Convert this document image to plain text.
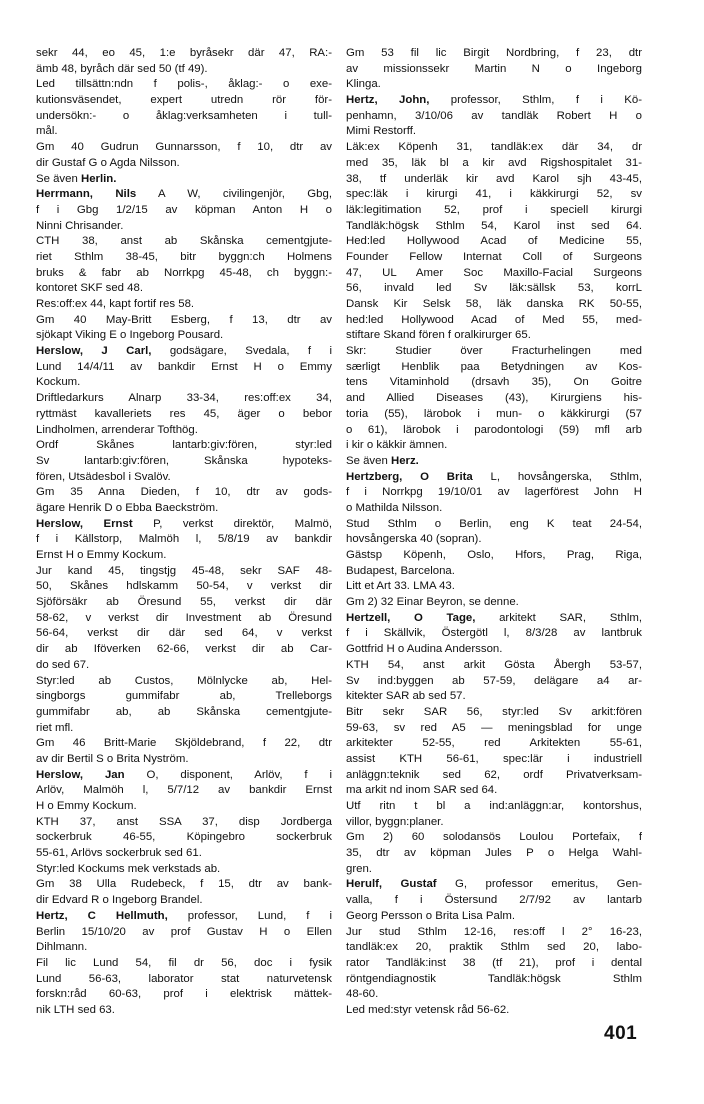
sekr 44, eo 45, 1:e byråsekr där 47, RA:-
ämb 48, byråch där sed 50 (tf 49).
Led tillsättn:ndn f polis-, åklag:- o exe-
kutionsväsendet, expert utredn rör för-
undersökn:- o åklag:verksamheten i tull-
mål.
Gm 40 Gudrun Gunnarsson, f 10, dtr av
dir Gustaf G o Agda Nilsson.
Se även Herlin.
Herrmann, Nils A W, civilingenjör, Gbg,
f i Gbg 1/2/15 av köpman Anton H o
Ninni Chrisander.
CTH 38, anst ab Skånska cementgjute-
riet Sthlm 38-45, bitr byggn:ch Holmens
bruks & fabr ab Norrkpg 45-48, ch byggn:-
kontoret SKF sed 48.
Res:off:ex 44, kapt fortif res 58.
Gm 40 May-Britt Esberg, f 13, dtr av
sjökapt Viking E o Ingeborg Pousard.
Herslow, J Carl, godsägare, Svedala, f i
Lund 14/4/11 av bankdir Ernst H o Emmy
Kockum.
Driftledarkurs Alnarp 33-34, res:off:ex 34,
ryttmäst kavalleriets res 45, äger o bebor
Lindholmen, arrenderar Tofthög.
Ordf Skånes lantarb:giv:fören, styr:led
Sv lantarb:giv:fören, Skånska hypoteks-
fören, Utsädesbol i Svalöv.
Gm 35 Anna Dieden, f 10, dtr av gods-
ägare Henrik D o Ebba Baeckström.
Herslow, Ernst P, verkst direktör, Malmö,
f i Källstorp, Malmöh l, 5/8/19 av bankdir
Ernst H o Emmy Kockum.
Jur kand 45, tingstjg 45-48, sekr SAF 48-
50, Skånes hdlskamm 50-54, v verkst dir
Sjöförsäkr ab Öresund 55, verkst dir där
58-62, v verkst dir Investment ab Öresund
56-64, verkst dir där sed 64, v verkst
dir ab Iföverken 62-66, verkst dir ab Car-
do sed 67.
Styr:led ab Custos, Mölnlycke ab, Hel-
singborgs gummifabr ab, Trelleborgs
gummifabr ab, ab Skånska cementgjute-
riet mfl.
Gm 46 Britt-Marie Skjöldebrand, f 22, dtr
av dir Bertil S o Brita Nyström.
Herslow, Jan O, disponent, Arlöv, f i
Arlöv, Malmöh l, 5/7/12 av bankdir Ernst
H o Emmy Kockum.
KTH 37, anst SSA 37, disp Jordberga
sockerbruk 46-55, Köpingebro sockerbruk
55-61, Arlövs sockerbruk sed 61.
Styr:led Kockums mek verkstads ab.
Gm 38 Ulla Rudebeck, f 15, dtr av bank-
dir Edvard R o Ingeborg Brandel.
Hertz, C Hellmuth, professor, Lund, f i
Berlin 15/10/20 av prof Gustav H o Ellen
Dihlmann.
Fil lic Lund 54, fil dr 56, doc i fysik
Lund 56-63, laborator stat naturvetensk
forskn:råd 60-63, prof i elektrisk mättek-
nik LTH sed 63.
Gm 53 fil lic Birgit Nordbring, f 23, dtr
av missionssekr Martin N o Ingeborg
Klinga.
Hertz, John, professor, Sthlm, f i Kö-
penhamn, 3/10/06 av tandläk Robert H o
Mimi Restorff.
Läk:ex Köpenh 31, tandläk:ex där 34, dr
med 35, läk bl a kir avd Rigshospitalet 31-
38, tf underläk kir avd Karol sjh 43-45,
spec:läk i kirurgi 41, i käkkirurgi 52, sv
läk:legitimation 52, prof i speciell kirurgi
Tandläk:högsk Sthlm 54, Karol inst sed 64.
Hed:led Hollywood Acad of Medicine 55,
Founder Fellow Internat Coll of Surgeons
47, UL Amer Soc Maxillo-Facial Surgeons
56, invald led Sv läk:sällsk 53, korrL
Dansk Kir Selsk 58, läk danska RK 50-55,
hed:led Hollywood Acad of Med 55, med-
stiftare Skand fören f oralkirurger 65.
Skr: Studier över Fracturhelingen med
særligt Henblik paa Betydningen av Kos-
tens Vitaminhold (drsavh 35), On Goitre
and Allied Diseases (43), Kirurgiens his-
toria (55), lärobok i mun- o käkkirurgi (57
o 61), lärobok i parodontologi (59) mfl arb
i kir o käkkir ämnen.
Se även Herz.
Hertzberg, O Brita L, hovsångerska, Sthlm,
f i Norrkpg 19/10/01 av lagerförest John H
o Mathilda Nilsson.
Stud Sthlm o Berlin, eng K teat 24-54,
hovsångerska 40 (sopran).
Gästsp Köpenh, Oslo, Hfors, Prag, Riga,
Budapest, Barcelona.
Litt et Art 33. LMA 43.
Gm 2) 32 Einar Beyron, se denne.
Hertzell, O Tage, arkitekt SAR, Sthlm,
f i Skällvik, Östergötl l, 8/3/28 av lantbruk
Gottfrid H o Audina Andersson.
KTH 54, anst arkit Gösta Åbergh 53-57,
Sv ind:byggen ab 57-59, delägare a4 ar-
kitekter SAR ab sed 57.
Bitr sekr SAR 56, styr:led Sv arkit:fören
59-63, sv red A5 — meningsblad for unge
arkitekter 52-55, red Arkitekten 55-61,
assist KTH 56-61, spec:lär i industriell
anläggn:teknik sed 62, ordf Privatverksam-
ma arkit nd inom SAR sed 64.
Utf ritn t bl a ind:anläggn:ar, kontorshus,
villor, byggn:planer.
Gm 2) 60 solodansös Loulou Portefaix, f
35, dtr av köpman Jules P o Helga Wahl-
gren.
Herulf, Gustaf G, professor emeritus, Gen-
valla, f i Östersund 2/7/92 av lantarb
Georg Persson o Brita Lisa Palm.
Jur stud Sthlm 12-16, res:off l 2° 16-23,
tandläk:ex 20, praktik Sthlm sed 20, labo-
rator Tandläk:inst 38 (tf 21), prof i dental
röntgendiagnostik Tandläk:högsk Sthlm
48-60.
Led med:styr vetensk råd 56-62.
401
